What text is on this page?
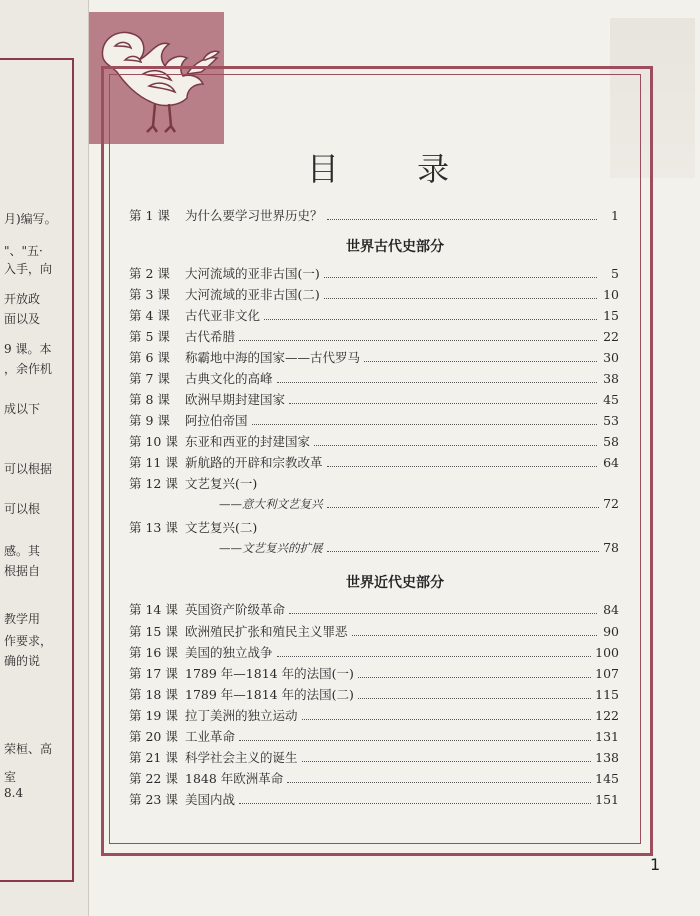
月)编写。
"、"五·
入手，向
开放政
面以及
9 课。本
，余作机
成以下
可以根据
可以根
感。其
根据自
教学用
作要求，
确的说
荣桓、高
室
8.4
目 录
1
第 1 课	为什么要学习世界历史？	1
世界古代史部分
第 2 课	大河流域的亚非古国(一)	5
第 3 课	大河流域的亚非古国(二)	10
第 4 课	古代亚非文化	15
第 5 课	古代希腊	22
第 6 课	称霸地中海的国家——古代罗马	30
第 7 课	古典文化的高峰	38
第 8 课	欧洲早期封建国家	45
第 9 课	阿拉伯帝国	53
第 10 课 东亚和西亚的封建国家	58
第 11 课 新航路的开辟和宗教改革	64
第 12 课 文艺复兴(一)
——意大利文艺复兴	72
第 13 课 文艺复兴(二)
——文艺复兴的扩展	78
世界近代史部分
第 14 课 英国资产阶级革命	84
第 15 课 欧洲殖民扩张和殖民主义罪恶	90
第 16 课 美国的独立战争	100
第 17 课 1789 年—1814 年的法国(一)	107
第 18 课 1789 年—1814 年的法国(二)	115
第 19 课 拉丁美洲的独立运动	122
第 20 课 工业革命	131
第 21 课 科学社会主义的诞生	138
第 22 课 1848 年欧洲革命	145
第 23 课 美国内战	151
